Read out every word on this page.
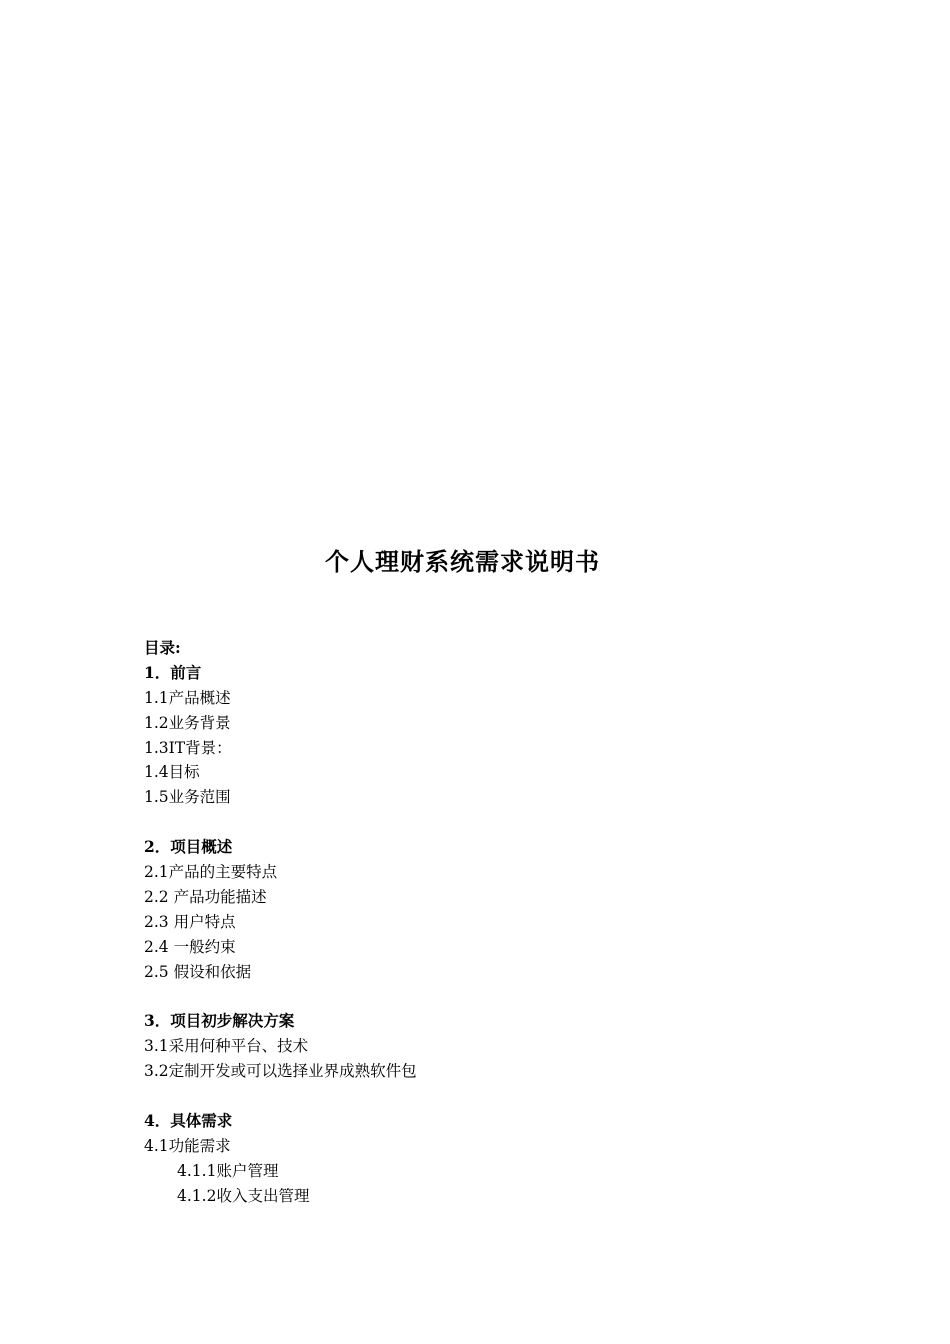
个人理财系统需求说明书
目录:
1．前言
1.1产品概述
1.2业务背景
1.3IT背景：
1.4目标
1.5业务范围
2．项目概述
2.1产品的主要特点
2.2 产品功能描述
2.3 用户特点
2.4 一般约束
2.5 假设和依据
3．项目初步解决方案
3.1采用何种平台、技术
3.2定制开发或可以选择业界成熟软件包
4．具体需求
4.1功能需求
4.1.1账户管理
4.1.2收入支出管理
